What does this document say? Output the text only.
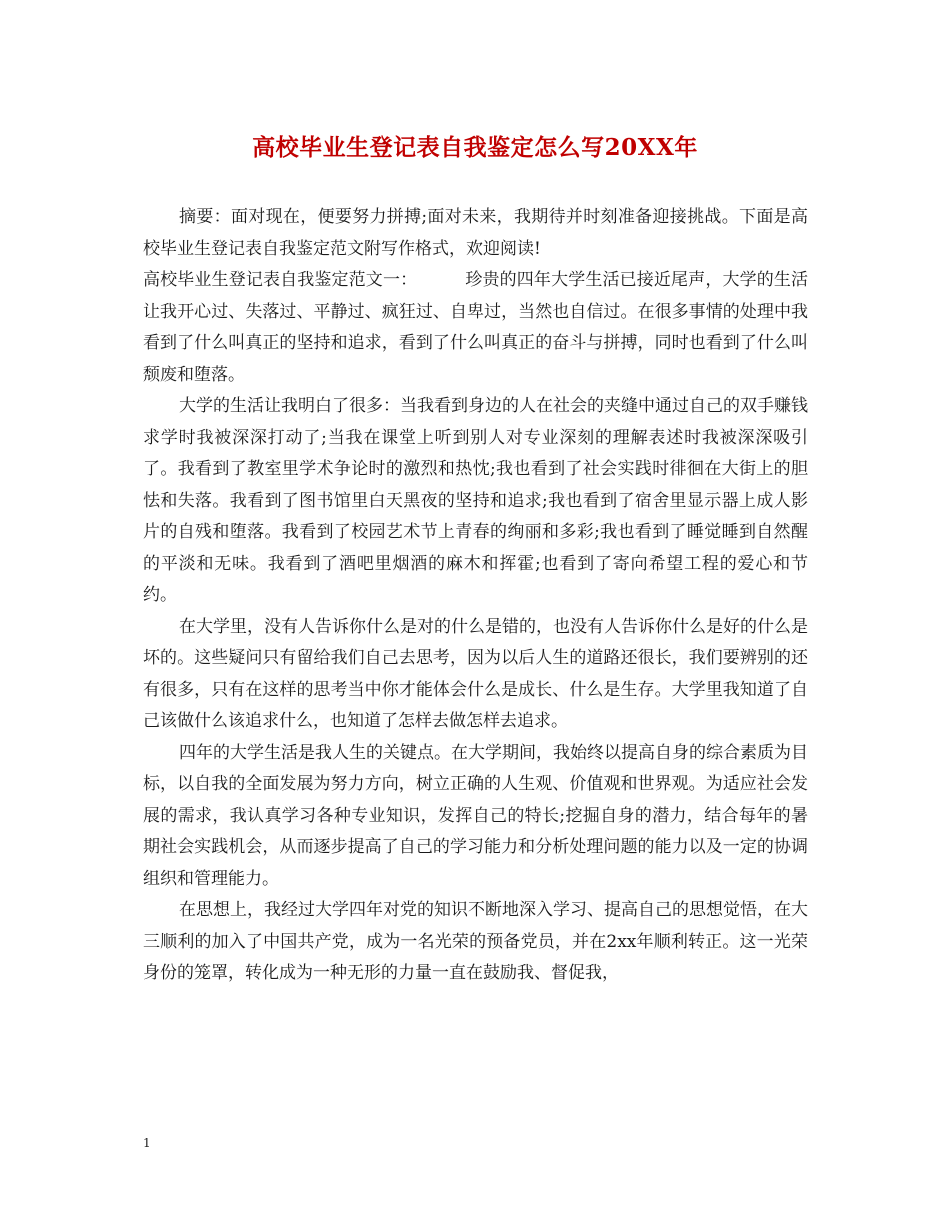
高校毕业生登记表自我鉴定怎么写20XX年

摘要：面对现在，便要努力拼搏;面对未来，我期待并时刻准备迎接挑战。下面是高校毕业生登记表自我鉴定范文附写作格式，欢迎阅读!

高校毕业生登记表自我鉴定范文一：	珍贵的四年大学生活已接近尾声，大学的生活让我开心过、失落过、平静过、疯狂过、自卑过，当然也自信过。在很多事情的处理中我看到了什么叫真正的坚持和追求，看到了什么叫真正的奋斗与拼搏，同时也看到了什么叫颓废和堕落。

大学的生活让我明白了很多：当我看到身边的人在社会的夹缝中通过自己的双手赚钱求学时我被深深打动了;当我在课堂上听到别人对专业深刻的理解表述时我被深深吸引了。我看到了教室里学术争论时的激烈和热忱;我也看到了社会实践时徘徊在大街上的胆怯和失落。我看到了图书馆里白天黑夜的坚持和追求;我也看到了宿舍里显示器上成人影片的自残和堕落。我看到了校园艺术节上青春的绚丽和多彩;我也看到了睡觉睡到自然醒的平淡和无味。我看到了酒吧里烟酒的麻木和挥霍;也看到了寄向希望工程的爱心和节约。

在大学里，没有人告诉你什么是对的什么是错的，也没有人告诉你什么是好的什么是坏的。这些疑问只有留给我们自己去思考，因为以后人生的道路还很长，我们要辨别的还有很多，只有在这样的思考当中你才能体会什么是成长、什么是生存。大学里我知道了自己该做什么该追求什么，也知道了怎样去做怎样去追求。

四年的大学生活是我人生的关键点。在大学期间，我始终以提高自身的综合素质为目标，以自我的全面发展为努力方向，树立正确的人生观、价值观和世界观。为适应社会发展的需求，我认真学习各种专业知识，发挥自己的特长;挖掘自身的潜力，结合每年的暑期社会实践机会，从而逐步提高了自己的学习能力和分析处理问题的能力以及一定的协调组织和管理能力。

在思想上，我经过大学四年对党的知识不断地深入学习、提高自己的思想觉悟，在大三顺利的加入了中国共产党，成为一名光荣的预备党员，并在2xx年顺利转正。这一光荣身份的笼罩，转化成为一种无形的力量一直在鼓励我、督促我，

1
